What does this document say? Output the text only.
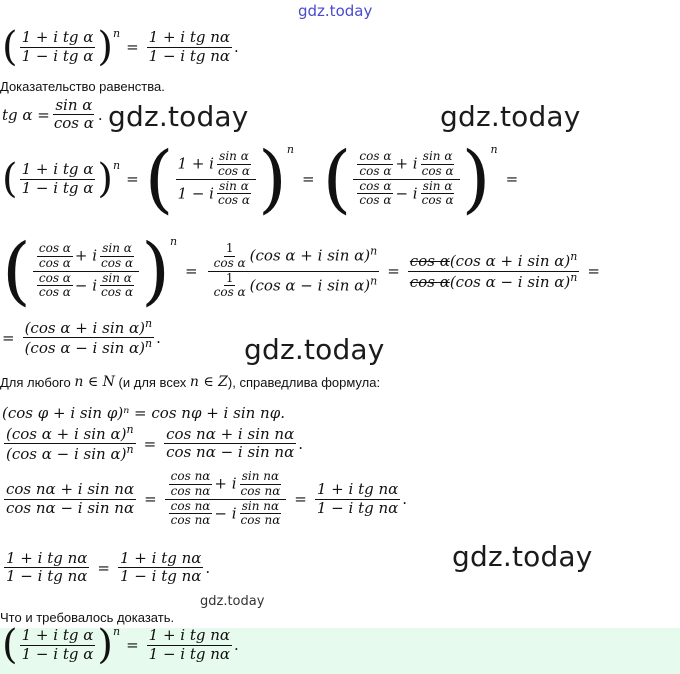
gdz.today
( 1 + i tg α
1 − i tg α ) n
= $\frac{\text{1 + i tg nα}}{\text{1 − i tg nα}}$ .
Доказательство равенства.
tg $\alpha = \frac{\text{sin α}}{\text{cos α}}$ . gdz.today	gdz.today
( 1 + i tg α
1 − i tg α ) n
= ( 1 + i $\frac{\text{sin α}}{\text{cos α}}$
1 − i $\frac{\text{sin α}}{\text{cos α}}$ ) n
= ( $\frac{\text{cos α}}{\text{cos α}} + i \frac{\text{sin α}}{\text{cos α}}$
$\frac{\text{cos α}}{\text{cos α}} - i \frac{\text{sin α}}{\text{cos α}}$ ) n
=
( $\frac{\text{cos α}}{\text{cos α}} + i \frac{\text{sin α}}{\text{cos α}}$
$\frac{\text{cos α}}{\text{cos α}} - i \frac{\text{sin α}}{\text{cos α}}$ ) n
= $\frac{\frac{1}{\text{cos α}} (\cos \alpha + i \sin \alpha)^n}{\frac{1}{\text{cos α}} (\cos \alpha - i \sin \alpha)^n} = \frac{\cos \alpha(\cos \alpha + i \sin \alpha)^n}{\cos \alpha(\cos \alpha - i \sin \alpha)^n}$ =
= $\frac{(\cos \alpha + i \sin \alpha)^n}{(\cos \alpha - i \sin \alpha)^n}$ .	gdz.today
Для любого
n ∈ N
(и для всех
n ∈ Z ), справедлива формула:
(cos φ + i sin φ)ⁿ = cos nφ + i sin nφ.
$\frac{(\cos \alpha + i \sin \alpha)^n}{(\cos \alpha - i \sin \alpha)^n} = \frac{\text{cos nα + i sin nα}}{\text{cos nα − i sin nα}}$ .
$\frac{\text{cos nα + i sin nα}}{\text{cos nα − i sin nα}} = \frac{\frac{\text{cos nα}}{\text{cos nα}} + i \frac{\text{sin nα}}{\text{cos nα}}}{\frac{\text{cos nα}}{\text{cos nα}} - i \frac{\text{sin nα}}{\text{cos nα}}} = \frac{\text{1 + i tg nα}}{\text{1 − i tg nα}}$ .
$\frac{\text{1 + i tg nα}}{\text{1 − i tg nα}} = \frac{\text{1 + i tg nα}}{\text{1 − i tg nα}}$ .	gdz.today
gdz.today
Что и требовалось доказать.
( 1 + i tg α
1 − i tg α ) n
= $\frac{\text{1 + i tg nα}}{\text{1 − i tg nα}}$ .
